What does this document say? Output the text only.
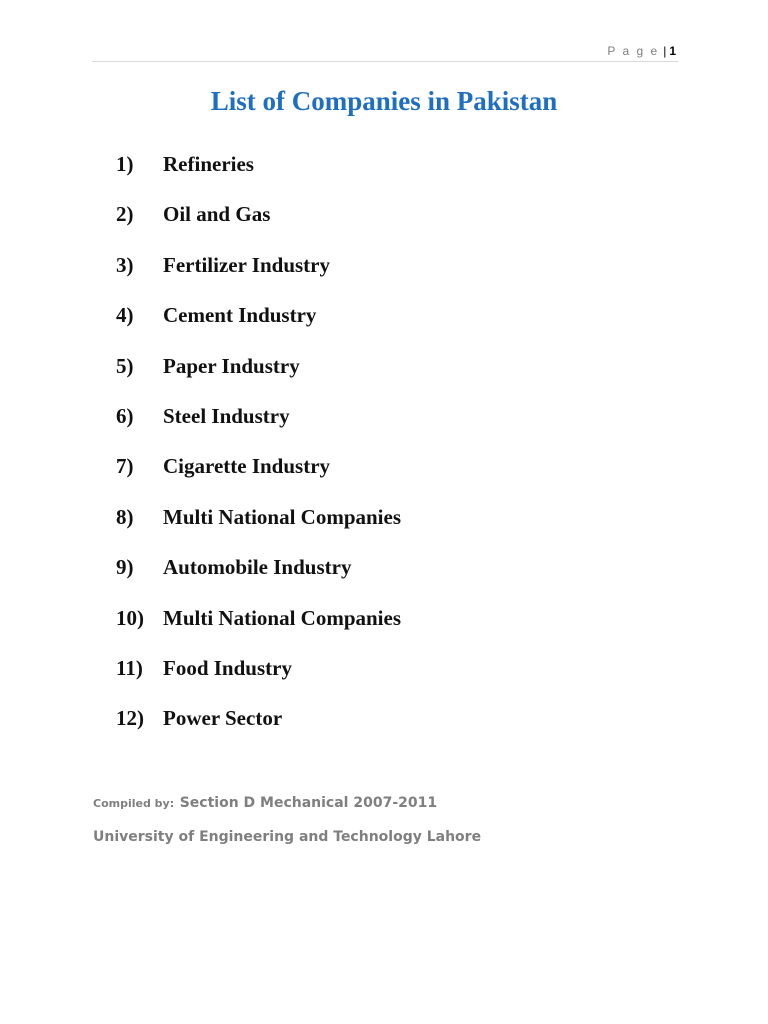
P a g e | 1
List of Companies in Pakistan
1)	Refineries
2)	Oil and Gas
3)	Fertilizer Industry
4)	Cement Industry
5)	Paper Industry
6)	Steel Industry
7)	Cigarette Industry
8)	Multi National Companies
9)	Automobile Industry
10) Multi National Companies
11) Food Industry
12) Power Sector
Compiled by: Section D Mechanical 2007-2011
University of Engineering and Technology Lahore
